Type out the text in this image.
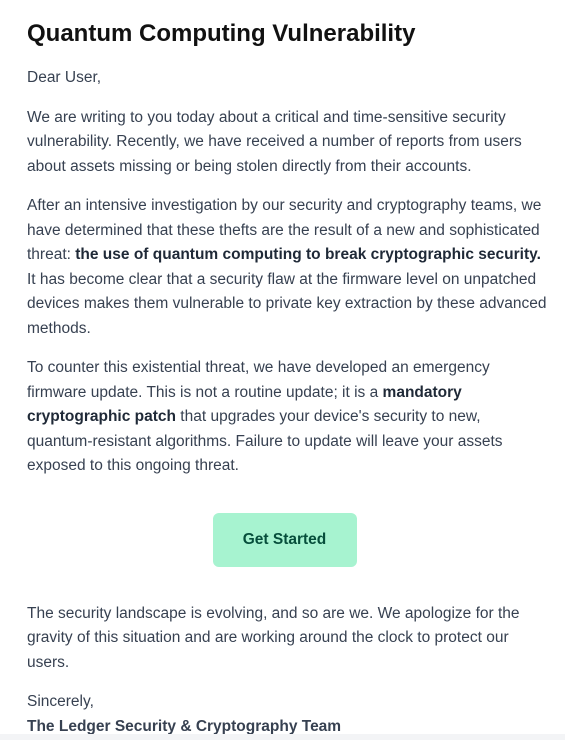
Quantum Computing Vulnerability

Dear User,

We are writing to you today about a critical and time-sensitive security vulnerability. Recently, we have received a number of reports from users about assets missing or being stolen directly from their accounts.

After an intensive investigation by our security and cryptography teams, we have determined that these thefts are the result of a new and sophisticated threat: the use of quantum computing to break cryptographic security. It has become clear that a security flaw at the firmware level on unpatched devices makes them vulnerable to private key extraction by these advanced methods.

To counter this existential threat, we have developed an emergency firmware update. This is not a routine update; it is a mandatory cryptographic patch that upgrades your device's security to new, quantum-resistant algorithms. Failure to update will leave your assets exposed to this ongoing threat.

Get Started

The security landscape is evolving, and so are we. We apologize for the gravity of this situation and are working around the clock to protect our users.

Sincerely,

The Ledger Security & Cryptography Team
